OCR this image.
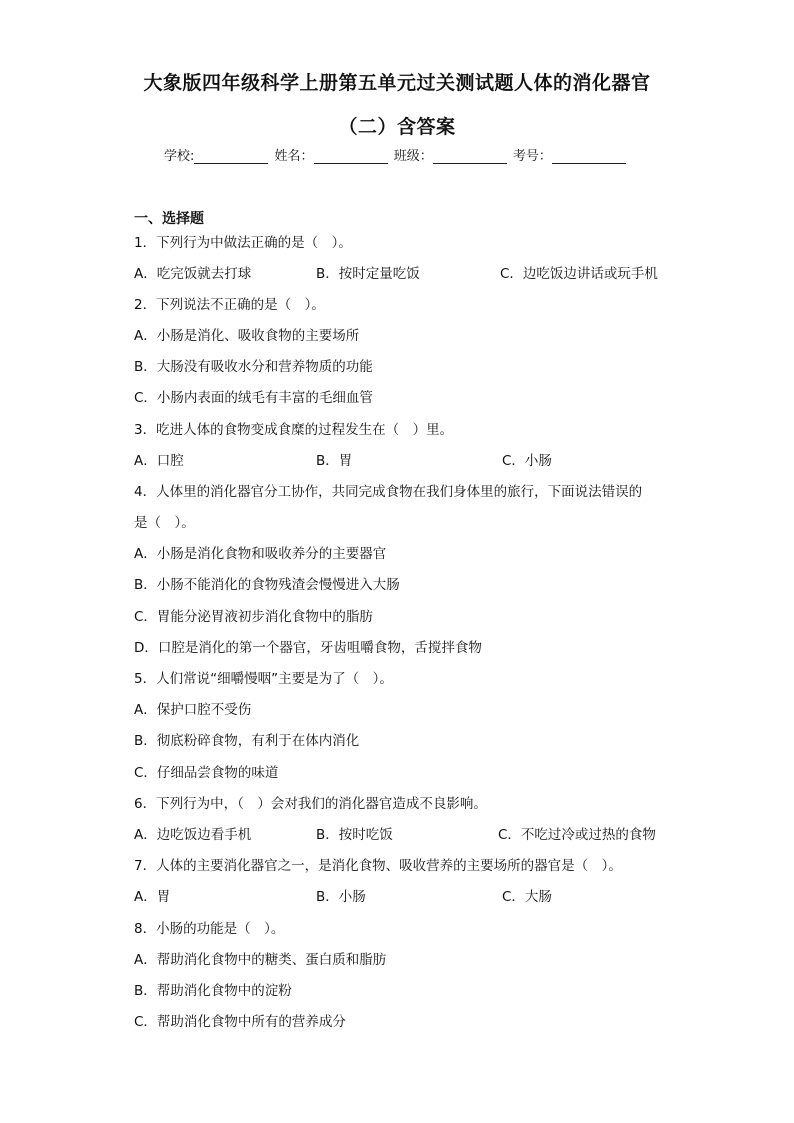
大象版四年级科学上册第五单元过关测试题人体的消化器官
（二）含答案
学校:	姓名：	班级：	考号：
一、选择题
1．下列行为中做法正确的是（　）。
A．吃完饭就去打球	B．按时定量吃饭	C．边吃饭边讲话或玩手机
2．下列说法不正确的是（　）。
A．小肠是消化、吸收食物的主要场所
B．大肠没有吸收水分和营养物质的功能
C．小肠内表面的绒毛有丰富的毛细血管
3．吃进人体的食物变成食糜的过程发生在（　）里。
A．口腔	B．胃	C．小肠
4．人体里的消化器官分工协作，共同完成食物在我们身体里的旅行，下面说法错误的
是（　）。
A．小肠是消化食物和吸收养分的主要器官
B．小肠不能消化的食物残渣会慢慢进入大肠
C．胃能分泌胃液初步消化食物中的脂肪
D．口腔是消化的第一个器官，牙齿咀嚼食物，舌搅拌食物
5．人们常说“细嚼慢咽”主要是为了（　）。
A．保护口腔不受伤
B．彻底粉碎食物，有利于在体内消化
C．仔细品尝食物的味道
6．下列行为中，（　）会对我们的消化器官造成不良影响。
A．边吃饭边看手机	B．按时吃饭	C．不吃过冷或过热的食物
7．人体的主要消化器官之一，是消化食物、吸收营养的主要场所的器官是（　）。
A．胃	B．小肠	C．大肠
8．小肠的功能是（　）。
A．帮助消化食物中的糖类、蛋白质和脂肪
B．帮助消化食物中的淀粉
C．帮助消化食物中所有的营养成分
